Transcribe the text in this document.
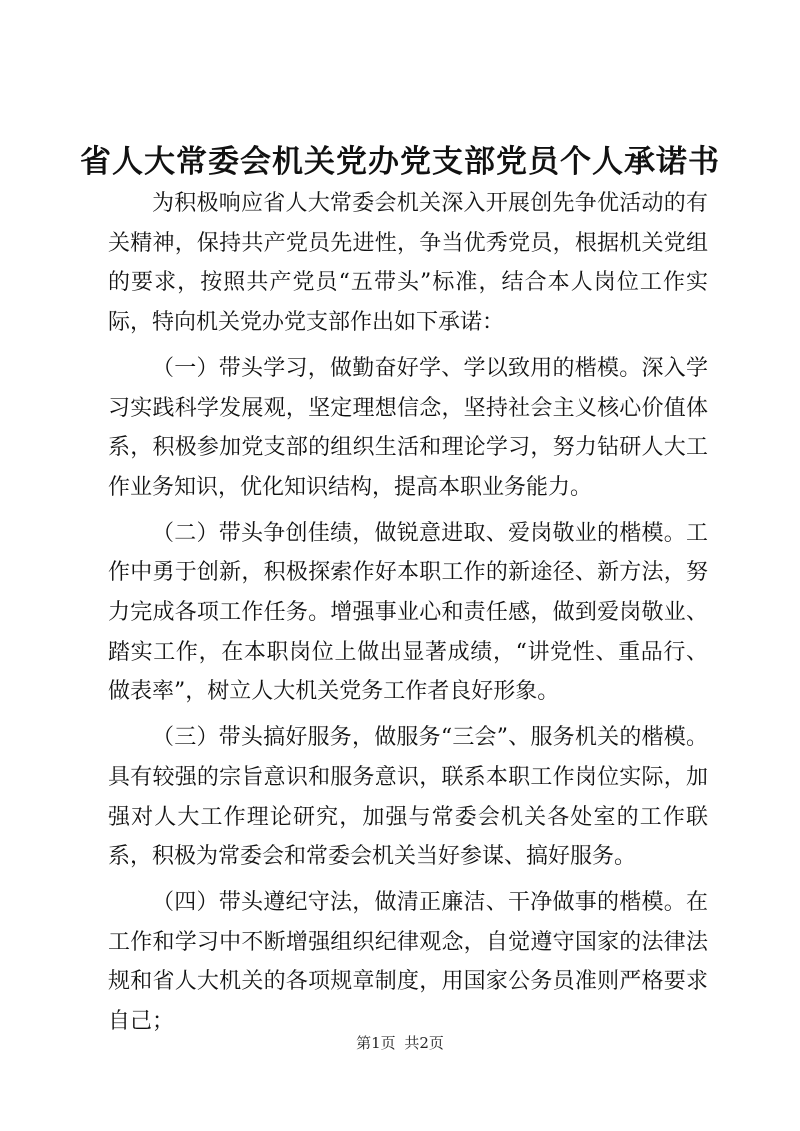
省人大常委会机关党办党支部党员个人承诺书

为积极响应省人大常委会机关深入开展创先争优活动的有关精神，保持共产党员先进性，争当优秀党员，根据机关党组的要求，按照共产党员“五带头”标准，结合本人岗位工作实际，特向机关党办党支部作出如下承诺：

（一）带头学习，做勤奋好学、学以致用的楷模。深入学习实践科学发展观，坚定理想信念，坚持社会主义核心价值体系，积极参加党支部的组织生活和理论学习，努力钻研人大工作业务知识，优化知识结构，提高本职业务能力。

（二）带头争创佳绩，做锐意进取、爱岗敬业的楷模。工作中勇于创新，积极探索作好本职工作的新途径、新方法，努力完成各项工作任务。增强事业心和责任感，做到爱岗敬业、踏实工作，在本职岗位上做出显著成绩，“讲党性、重品行、做表率”，树立人大机关党务工作者良好形象。

（三）带头搞好服务，做服务“三会”、服务机关的楷模。具有较强的宗旨意识和服务意识，联系本职工作岗位实际，加强对人大工作理论研究，加强与常委会机关各处室的工作联系，积极为常委会和常委会机关当好参谋、搞好服务。

（四）带头遵纪守法，做清正廉洁、干净做事的楷模。在工作和学习中不断增强组织纪律观念，自觉遵守国家的法律法规和省人大机关的各项规章制度，用国家公务员准则严格要求自己；

第1页 共2页
